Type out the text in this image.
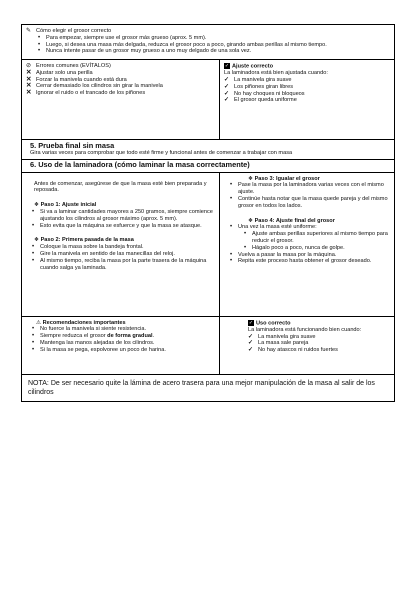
✎ Cómo elegir el grosor correcto
• Para empezar, siempre use el grosor más grueso (aprox. 5 mm).
• Luego, si desea una masa más delgada, reduzca el grosor poco a poco, girando ambas perillas al mismo tiempo.
• Nunca intente pasar de un grosor muy grueso a uno muy delgado de una sola vez.
⊘ Errores comunes (EVÍTALOS)
✕ Ajustar solo una perilla
✕ Forzar la manivela cuando está dura
✕ Cerrar demasiado los cilindros sin girar la manivela
✕ Ignorar el ruido o el trancado de los piñones
✓ Ajuste correcto
La laminadora está bien ajustada cuando:
✓ La manivela gira suave
✓ Los piñones giran libres
✓ No hay choques ni bloqueos
✓ El grosor queda uniforme
5. Prueba final sin masa
Gira varias veces para comprobar que todo esté firme y funcional antes de comenzar a trabajar con masa
6. Uso de la laminadora (cómo laminar la masa correctamente)
Antes de comenzar, asegúrese de que la masa esté bien preparada y reposada.
❖ Paso 1: Ajuste inicial
• Si va a laminar cantidades mayores a 250 gramos, siempre comience ajustando los cilindros al grosor máximo (aprox. 5 mm).
• Esto evita que la máquina se esfuerce y que la masa se atasque.
❖ Paso 2: Primera pasada de la masa
• Coloque la masa sobre la bandeja frontal.
• Gire la manivela en sentido de las manecillas del reloj.
• Al mismo tiempo, reciba la masa por la parte trasera de la máquina cuando salga ya laminada.
❖ Paso 3: Igualar el grosor
• Pase la masa por la laminadora varias veces con el mismo ajuste.
• Continúe hasta notar que la masa quede pareja y del mismo grosor en todos los lados.
❖ Paso 4: Ajuste final del grosor
• Una vez la masa esté uniforme:
• Ajuste ambas perillas superiores al mismo tiempo para reducir el grosor.
• Hágalo poco a poco, nunca de golpe.
• Vuelva a pasar la masa por la máquina.
• Repita este proceso hasta obtener el grosor deseado.
⚠ Recomendaciones importantes
• No fuerce la manivela si siente resistencia.
• Siempre reduzca el grosor de forma gradual.
• Mantenga las manos alejadas de los cilindros.
• Si la masa se pega, espolvoree un poco de harina.
✓ Uso correcto
La laminadora está funcionando bien cuando:
✓ La manivela gira suave
✓ La masa sale pareja
✓ No hay atascos ni ruidos fuertes
NOTA: De ser necesario quite la lámina de acero trasera para una mejor manipulación de la masa al salir de los cilindros
